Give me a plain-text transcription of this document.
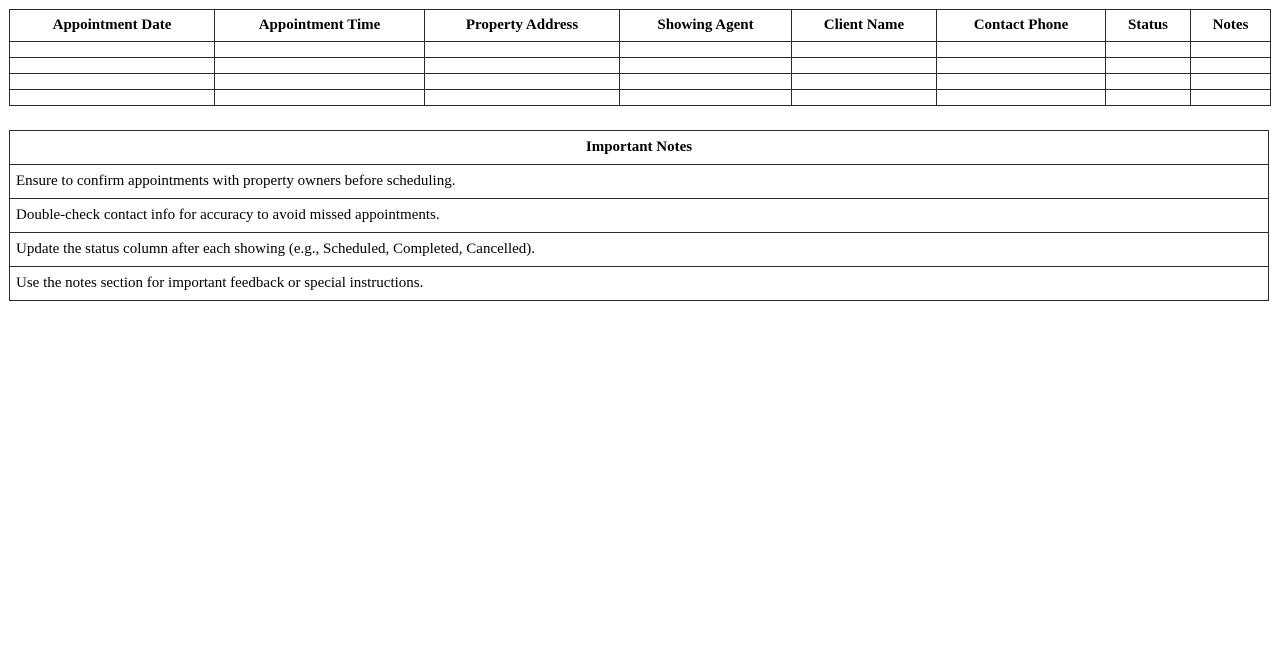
Appointment Date	Appointment Time	Property Address	Showing Agent	Client Name	Contact Phone	Status	Notes

Important Notes
Ensure to confirm appointments with property owners before scheduling.
Double-check contact info for accuracy to avoid missed appointments.
Update the status column after each showing (e.g., Scheduled, Completed, Cancelled).
Use the notes section for important feedback or special instructions.
